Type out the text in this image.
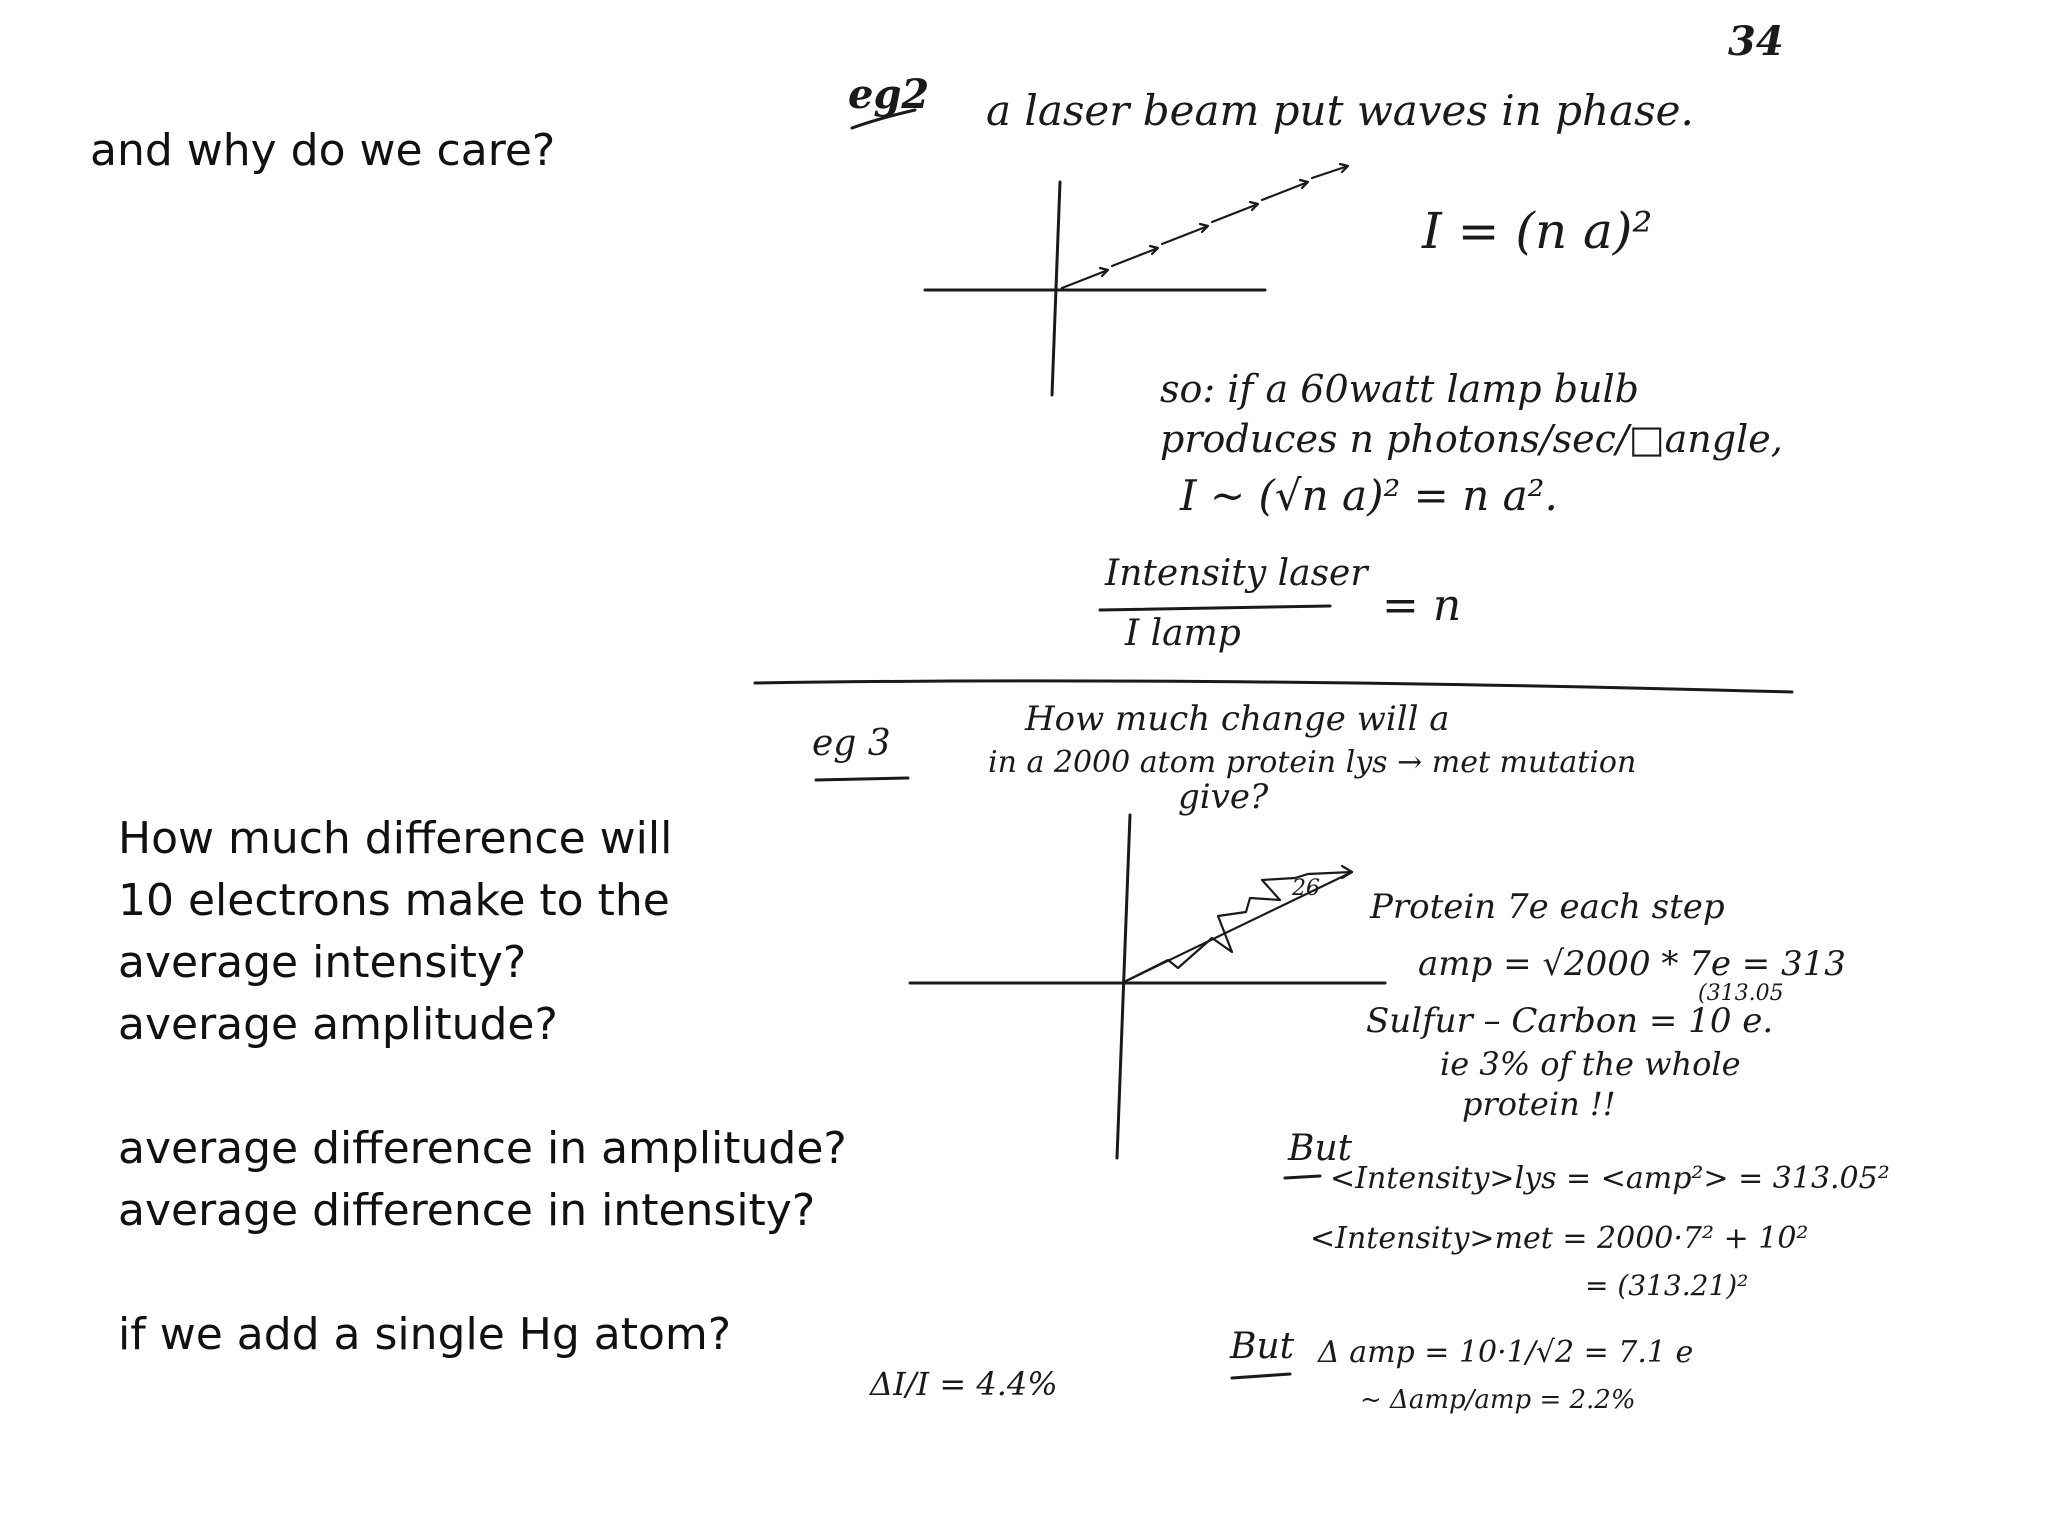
and why do we care?
How much difference will
10 electrons make to the
average intensity?
average amplitude?
average difference in amplitude?
average difference in intensity?
if we add a single Hg atom?
34
eg2 a laser beam put waves in phase.
I = (n a)²
so: if a 60watt lamp bulb
produces n photons/sec/□angle,
I ~ (√n a)² = n a².
Intensity laser
I lamp
= n
eg 3
How much change will a
in a 2000 atom protein lys → met mutation
give?
26 Protein 7e each step
amp = √2000 * 7e = 313
(313.05
Sulfur – Carbon = 10 e.
ie 3% of the whole
protein !!
But
<Intensity>lys = <amp²> = 313.05²
<Intensity>met = 2000·7² + 10²
= (313.21)²
But Δ amp = 10·1/√2 = 7.1 e
~ Δamp/amp = 2.2%
ΔI/I = 4.4%
